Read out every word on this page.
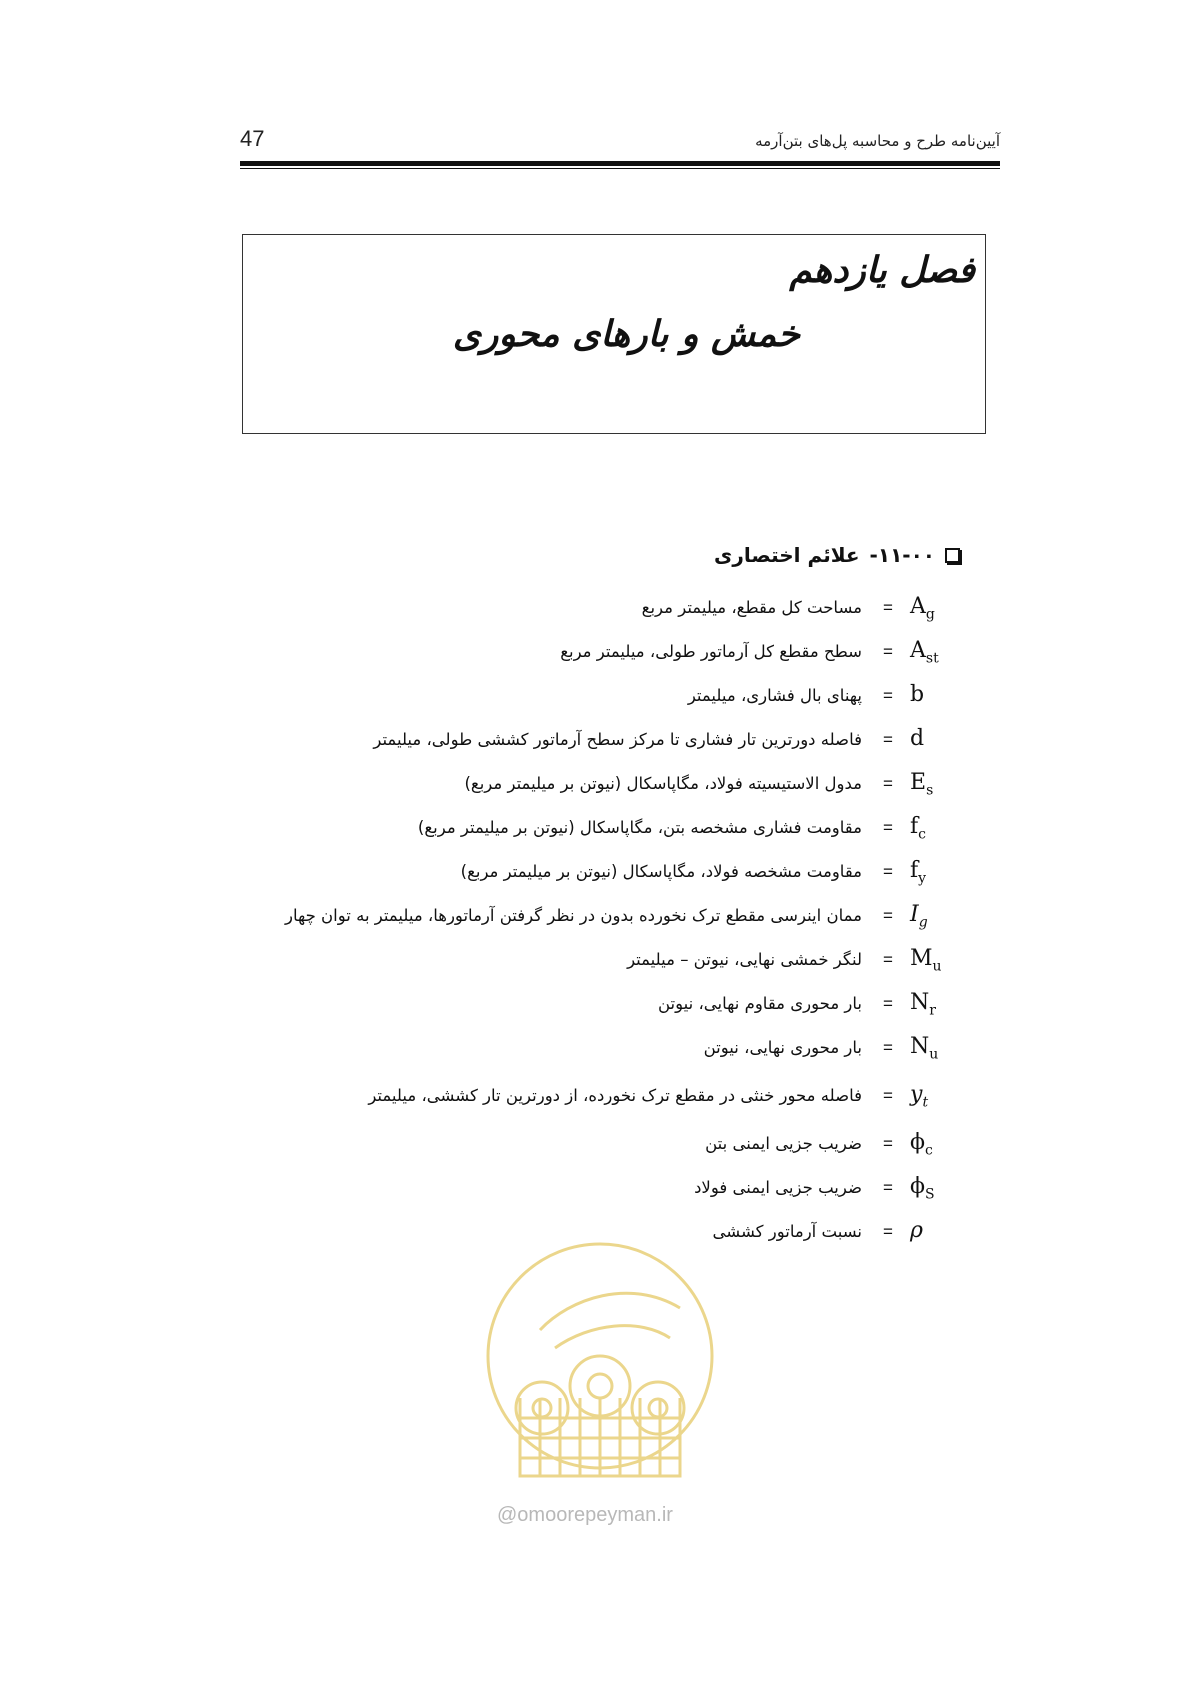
47	آیین‌نامه طرح و محاسبه پل‌های بتن‌آرمه
فصل یازدهم
خمش و بارهای محوری
۱۱-۰۰-
علائم اختصاری
$A_g$
=
مساحت کل مقطع، میلیمتر مربع
$A_{st}$
=
سطح مقطع کل آرماتور طولی، میلیمتر مربع
b
=
پهنای بال فشاری، میلیمتر
d
=
فاصله دورترین تار فشاری تا مرکز سطح آرماتور کششی طولی، میلیمتر
$E_s$
=
مدول الاستیسیته فولاد، مگاپاسکال (نیوتن بر میلیمتر مربع)
$f_c$
=
مقاومت فشاری مشخصه بتن، مگاپاسکال (نیوتن بر میلیمتر مربع)
$f_y$
=
مقاومت مشخصه فولاد، مگاپاسکال (نیوتن بر میلیمتر مربع)
$I_g$
=
ممان اینرسی مقطع ترک نخورده بدون در نظر گرفتن آرماتورها، میلیمتر به توان چهار
$M_u$
=
لنگر خمشی نهایی، نیوتن – میلیمتر
$N_r$
=
بار محوری مقاوم نهایی، نیوتن
$N_u$
=
بار محوری نهایی، نیوتن
$y_t$
=
فاصله محور خنثی در مقطع ترک نخورده، از دورترین تار کششی، میلیمتر
$\phi_c$
=
ضریب جزیی ایمنی بتن
$\phi_S$
=
ضریب جزیی ایمنی فولاد
ρ
=
نسبت آرماتور کششی
@omoorepeyman.ir
